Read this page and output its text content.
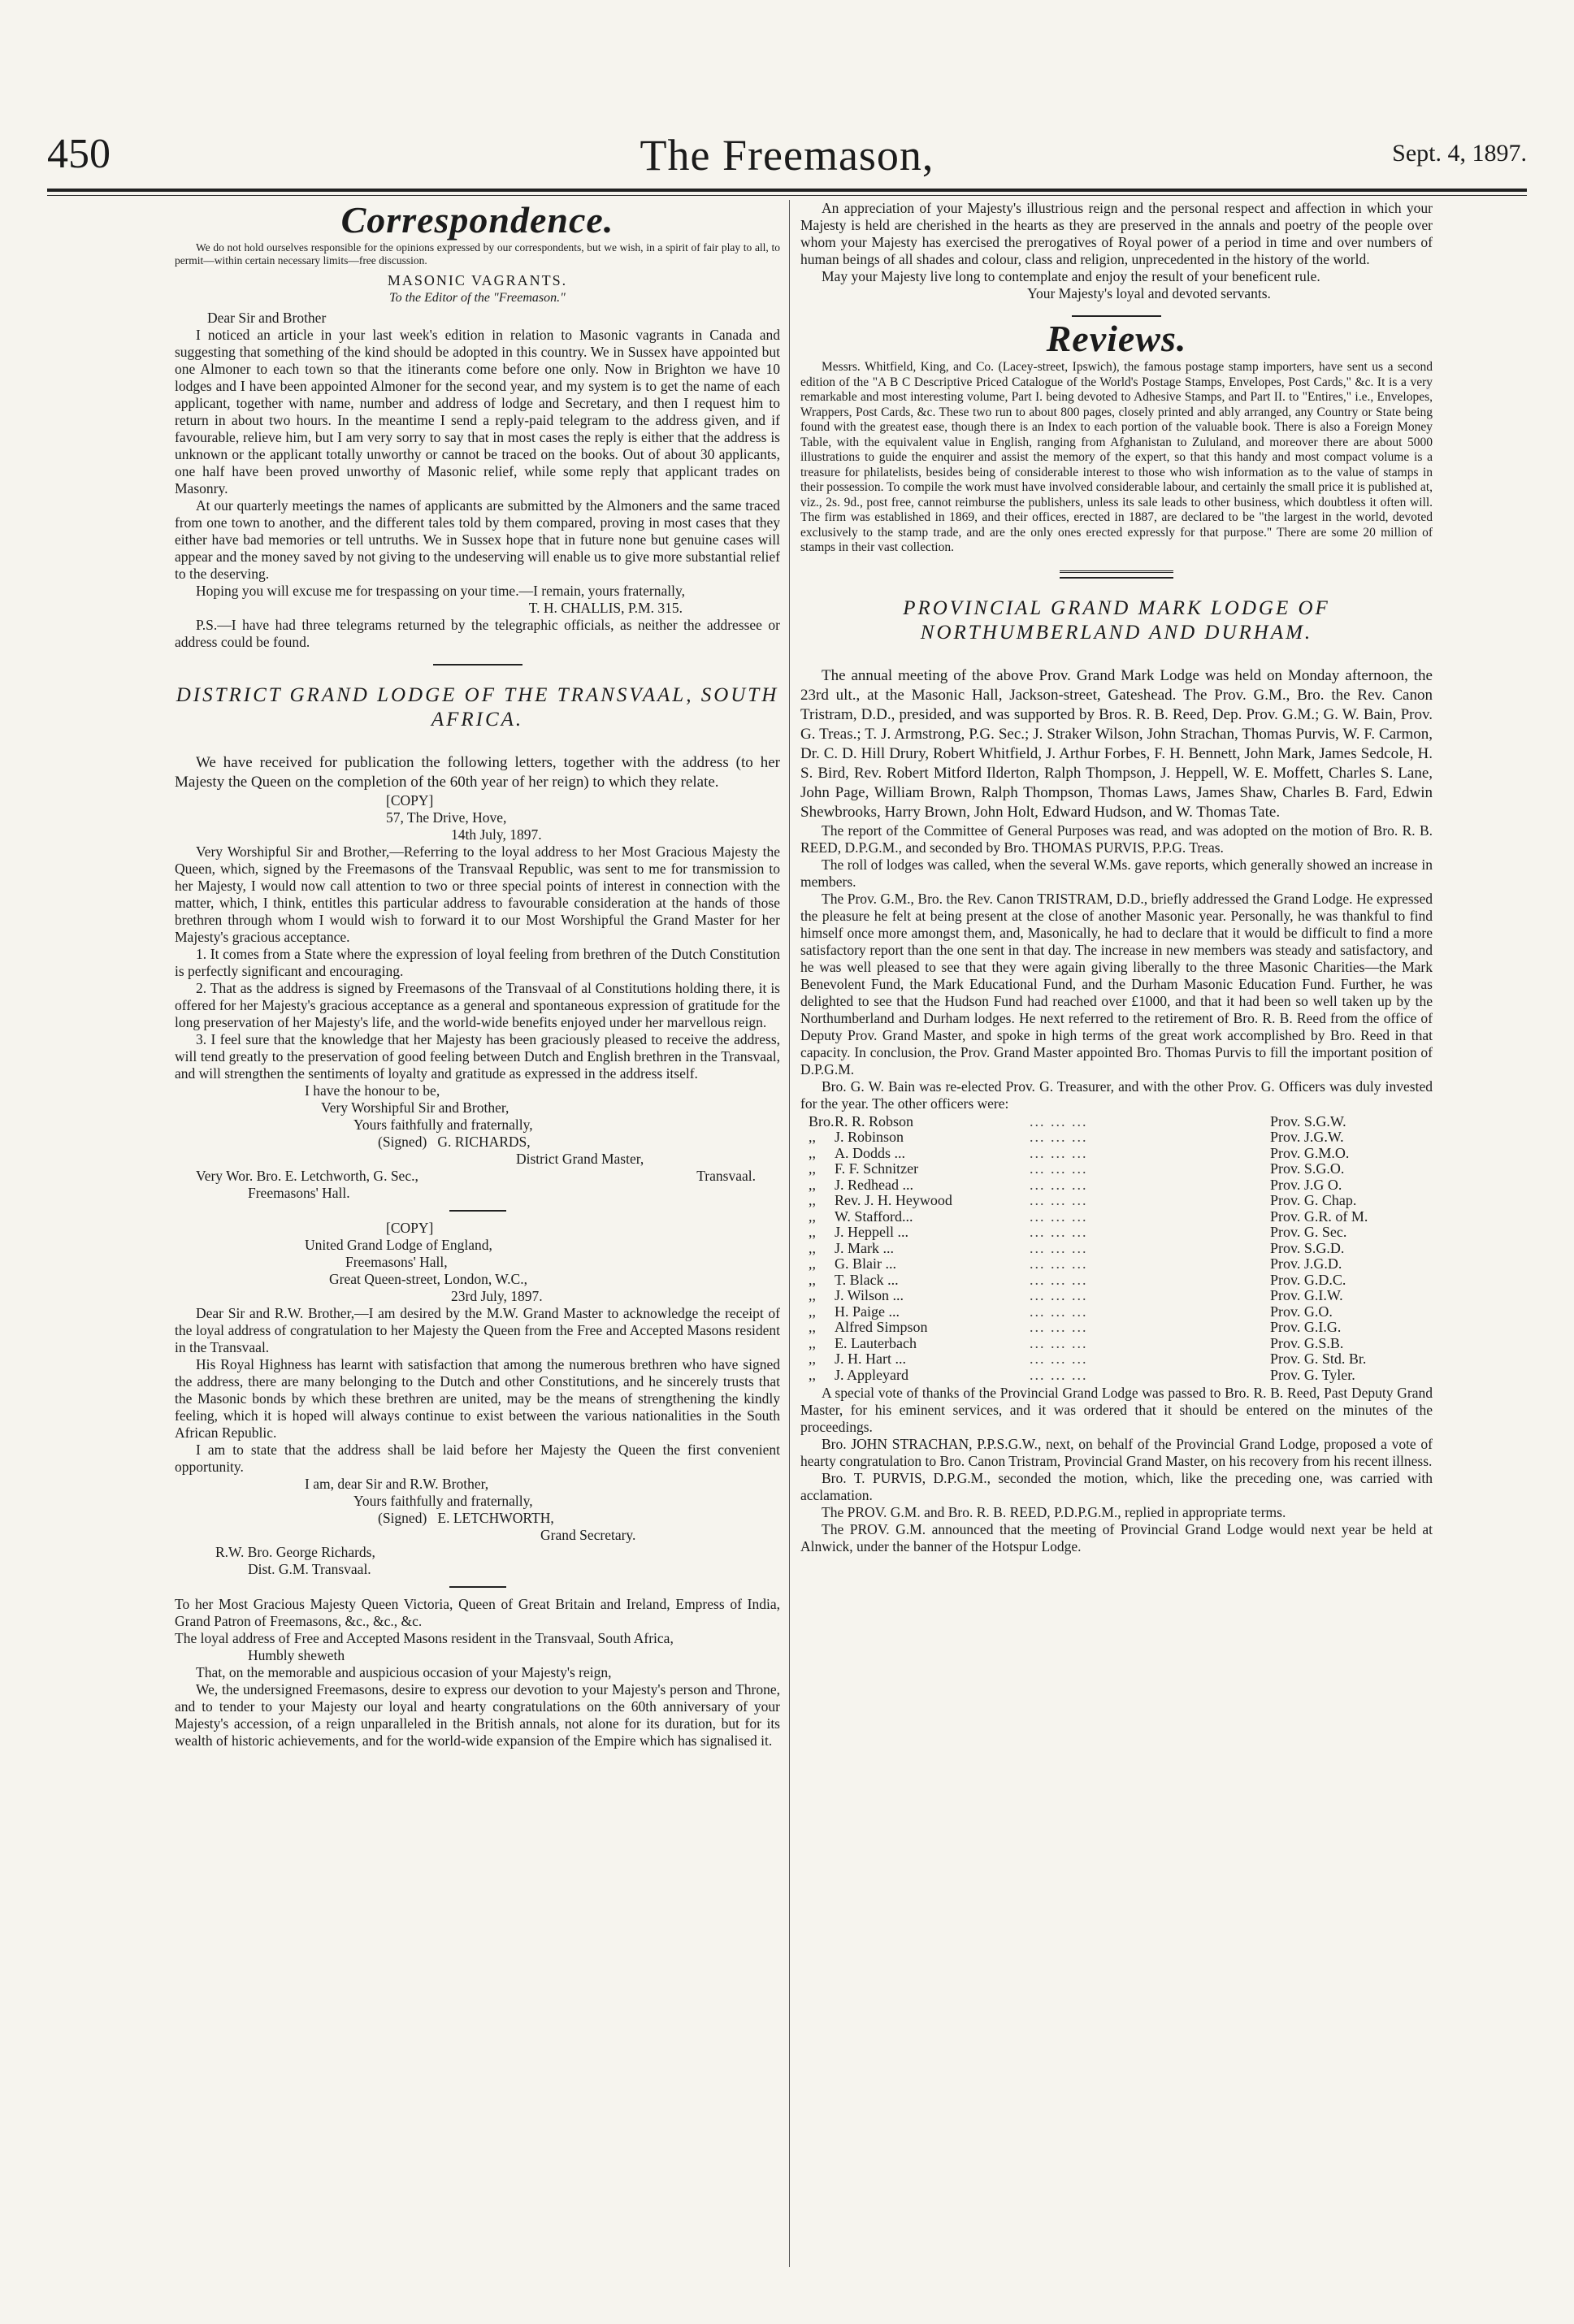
450	The Freemason,	Sept. 4, 1897.
Correspondence.

We do not hold ourselves responsible for the opinions expressed by our correspondents, but we wish, in a spirit of fair play to all, to permit—within certain necessary limits—free discussion.

MASONIC VAGRANTS.
To the Editor of the "Freemason."

Dear Sir and Brother

I noticed an article in your last week's edition in relation to Masonic vagrants in Canada and suggesting that something of the kind should be adopted in this country. We in Sussex have appointed but one Almoner to each town so that the itinerants come before one only. Now in Brighton we have 10 lodges and I have been appointed Almoner for the second year, and my system is to get the name of each applicant, together with name, number and address of lodge and Secretary, and then I request him to return in about two hours. In the meantime I send a reply-paid telegram to the address given, and if favourable, relieve him, but I am very sorry to say that in most cases the reply is either that the address is unknown or the applicant totally unworthy or cannot be traced on the books. Out of about 30 applicants, one half have been proved unworthy of Masonic relief, while some reply that applicant trades on Masonry.

At our quarterly meetings the names of applicants are submitted by the Almoners and the same traced from one town to another, and the different tales told by them compared, proving in most cases that they either have bad memories or tell untruths. We in Sussex hope that in future none but genuine cases will appear and the money saved by not giving to the undeserving will enable us to give more substantial relief to the deserving.

Hoping you will excuse me for trespassing on your time.—I remain, yours fraternally,

T. H. CHALLIS, P.M. 315.

P.S.—I have had three telegrams returned by the telegraphic officials, as neither the addressee or address could be found.

DISTRICT GRAND LODGE OF THE TRANSVAAL, SOUTH AFRICA.

We have received for publication the following letters, together with the address (to her Majesty the Queen on the completion of the 60th year of her reign) to which they relate.

[COPY]

57, The Drive, Hove,

14th July, 1897.

Very Worshipful Sir and Brother,—Referring to the loyal address to her Most Gracious Majesty the Queen, which, signed by the Freemasons of the Transvaal Republic, was sent to me for transmission to her Majesty, I would now call attention to two or three special points of interest in connection with the matter, which, I think, entitles this particular address to favourable consideration at the hands of those brethren through whom I would wish to forward it to our Most Worshipful the Grand Master for her Majesty's gracious acceptance.

1. It comes from a State where the expression of loyal feeling from brethren of the Dutch Constitution is perfectly significant and encouraging.

2. That as the address is signed by Freemasons of the Transvaal of al Constitutions holding there, it is offered for her Majesty's gracious acceptance as a general and spontaneous expression of gratitude for the long preservation of her Majesty's life, and the world-wide benefits enjoyed under her marvellous reign.

3. I feel sure that the knowledge that her Majesty has been graciously pleased to receive the address, will tend greatly to the preservation of good feeling between Dutch and English brethren in the Transvaal, and will strengthen the sentiments of loyalty and gratitude as expressed in the address itself.

I have the honour to be,

Very Worshipful Sir and Brother,

Yours faithfully and fraternally,

(Signed) G. RICHARDS,

District Grand Master,

Very Wor. Bro. E. Letchworth, G. Sec.,	Transvaal.

Freemasons' Hall.

[COPY]

United Grand Lodge of England,

Freemasons' Hall,

Great Queen-street, London, W.C.,

23rd July, 1897.

Dear Sir and R.W. Brother,—I am desired by the M.W. Grand Master to acknowledge the receipt of the loyal address of congratulation to her Majesty the Queen from the Free and Accepted Masons resident in the Transvaal.

His Royal Highness has learnt with satisfaction that among the numerous brethren who have signed the address, there are many belonging to the Dutch and other Constitutions, and he sincerely trusts that the Masonic bonds by which these brethren are united, may be the means of strengthening the kindly feeling, which it is hoped will always continue to exist between the various nationalities in the South African Republic.

I am to state that the address shall be laid before her Majesty the Queen the first convenient opportunity.

I am, dear Sir and R.W. Brother,

Yours faithfully and fraternally,

(Signed) E. LETCHWORTH,

Grand Secretary.

R.W. Bro. George Richards,

Dist. G.M. Transvaal.

To her Most Gracious Majesty Queen Victoria, Queen of Great Britain and Ireland, Empress of India, Grand Patron of Freemasons, &c., &c., &c.

The loyal address of Free and Accepted Masons resident in the Transvaal, South Africa,

Humbly sheweth

That, on the memorable and auspicious occasion of your Majesty's reign,

We, the undersigned Freemasons, desire to express our devotion to your Majesty's person and Throne, and to tender to your Majesty our loyal and hearty congratulations on the 60th anniversary of your Majesty's accession, of a reign unparalleled in the British annals, not alone for its duration, but for its wealth of historic achievements, and for the world-wide expansion of the Empire which has signalised it.

An appreciation of your Majesty's illustrious reign and the personal respect and affection in which your Majesty is held are cherished in the hearts as they are preserved in the annals and poetry of the people over whom your Majesty has exercised the prerogatives of Royal power of a period in time and over numbers of human beings of all shades and colour, class and religion, unprecedented in the history of the world.

May your Majesty live long to contemplate and enjoy the result of your beneficent rule.

Your Majesty's loyal and devoted servants.

Reviews.

Messrs. Whitfield, King, and Co. (Lacey-street, Ipswich), the famous postage stamp importers, have sent us a second edition of the "A B C Descriptive Priced Catalogue of the World's Postage Stamps, Envelopes, Post Cards," &c. It is a very remarkable and most interesting volume, Part I. being devoted to Adhesive Stamps, and Part II. to "Entires," i.e., Envelopes, Wrappers, Post Cards, &c. These two run to about 800 pages, closely printed and ably arranged, any Country or State being found with the greatest ease, though there is an Index to each portion of the valuable book. There is also a Foreign Money Table, with the equivalent value in English, ranging from Afghanistan to Zululand, and moreover there are about 5000 illustrations to guide the enquirer and assist the memory of the expert, so that this handy and most compact volume is a treasure for philatelists, besides being of considerable interest to those who wish information as to the value of stamps in their possession. To compile the work must have involved considerable labour, and certainly the small price it is published at, viz., 2s. 9d., post free, cannot reimburse the publishers, unless its sale leads to other business, which doubtless it often will. The firm was established in 1869, and their offices, erected in 1887, are declared to be "the largest in the world, devoted exclusively to the stamp trade, and are the only ones erected expressly for that purpose." There are some 20 million of stamps in their vast collection.

PROVINCIAL GRAND MARK LODGE OF NORTHUMBERLAND AND DURHAM.

The annual meeting of the above Prov. Grand Mark Lodge was held on Monday afternoon, the 23rd ult., at the Masonic Hall, Jackson-street, Gateshead. The Prov. G.M., Bro. the Rev. Canon Tristram, D.D., presided, and was supported by Bros. R. B. Reed, Dep. Prov. G.M.; G. W. Bain, Prov. G. Treas.; T. J. Armstrong, P.G. Sec.; J. Straker Wilson, John Strachan, Thomas Purvis, W. F. Carmon, Dr. C. D. Hill Drury, Robert Whitfield, J. Arthur Forbes, F. H. Bennett, John Mark, James Sedcole, H. S. Bird, Rev. Robert Mitford Ilderton, Ralph Thompson, J. Heppell, W. E. Moffett, Charles S. Lane, John Page, William Brown, Ralph Thompson, Thomas Laws, James Shaw, Charles B. Fard, Edwin Shewbrooks, Harry Brown, John Holt, Edward Hudson, and W. Thomas Tate.

The report of the Committee of General Purposes was read, and was adopted on the motion of Bro. R. B. REED, D.P.G.M., and seconded by Bro. THOMAS PURVIS, P.P.G. Treas.

The roll of lodges was called, when the several W.Ms. gave reports, which generally showed an increase in members.

The Prov. G.M., Bro. the Rev. Canon TRISTRAM, D.D., briefly addressed the Grand Lodge. He expressed the pleasure he felt at being present at the close of another Masonic year. Personally, he was thankful to find himself once more amongst them, and, Masonically, he had to declare that it would be difficult to find a more satisfactory report than the one sent in that day. The increase in new members was steady and satisfactory, and he was well pleased to see that they were again giving liberally to the three Masonic Charities—the Mark Benevolent Fund, the Mark Educational Fund, and the Durham Masonic Education Fund. Further, he was delighted to see that the Hudson Fund had reached over £1000, and that it had been so well taken up by the Northumberland and Durham lodges. He next referred to the retirement of Bro. R. B. Reed from the office of Deputy Prov. Grand Master, and spoke in high terms of the great work accomplished by Bro. Reed in that capacity. In conclusion, the Prov. Grand Master appointed Bro. Thomas Purvis to fill the important position of D.P.G.M.

Bro. G. W. Bain was re-elected Prov. G. Treasurer, and with the other Prov. G. Officers was duly invested for the year. The other officers were:

Bro. R. R. Robson	... ... ...	Prov. S.G.W.
,,	J. Robinson	... ... ...	Prov. J.G.W.
,,	A. Dodds ...	... ... ...	Prov. G.M.O.
,,	F. F. Schnitzer	... ... ...	Prov. S.G.O.
,,	J. Redhead ...	... ... ...	Prov. J.G O.
,,	Rev. J. H. Heywood	... ... ...	Prov. G. Chap.
,,	W. Stafford...	... ... ...	Prov. G.R. of M.
,,	J. Heppell ...	... ... ...	Prov. G. Sec.
,,	J. Mark ...	... ... ...	Prov. S.G.D.
,,	G. Blair ...	... ... ...	Prov. J.G.D.
,,	T. Black ...	... ... ...	Prov. G.D.C.
,,	J. Wilson ...	... ... ...	Prov. G.I.W.
,,	H. Paige ...	... ... ...	Prov. G.O.
,,	Alfred Simpson	... ... ...	Prov. G.I.G.
,,	E. Lauterbach	... ... ...	Prov. G.S.B.
,,	J. H. Hart ...	... ... ...	Prov. G. Std. Br.
,,	J. Appleyard	... ... ...	Prov. G. Tyler.

A special vote of thanks of the Provincial Grand Lodge was passed to Bro. R. B. Reed, Past Deputy Grand Master, for his eminent services, and it was ordered that it should be entered on the minutes of the proceedings.

Bro. JOHN STRACHAN, P.P.S.G.W., next, on behalf of the Provincial Grand Lodge, proposed a vote of hearty congratulation to Bro. Canon Tristram, Provincial Grand Master, on his recovery from his recent illness.

Bro. T. PURVIS, D.P.G.M., seconded the motion, which, like the preceding one, was carried with acclamation.

The PROV. G.M. and Bro. R. B. REED, P.D.P.G.M., replied in appropriate terms.

The PROV. G.M. announced that the meeting of Provincial Grand Lodge would next year be held at Alnwick, under the banner of the Hotspur Lodge.
